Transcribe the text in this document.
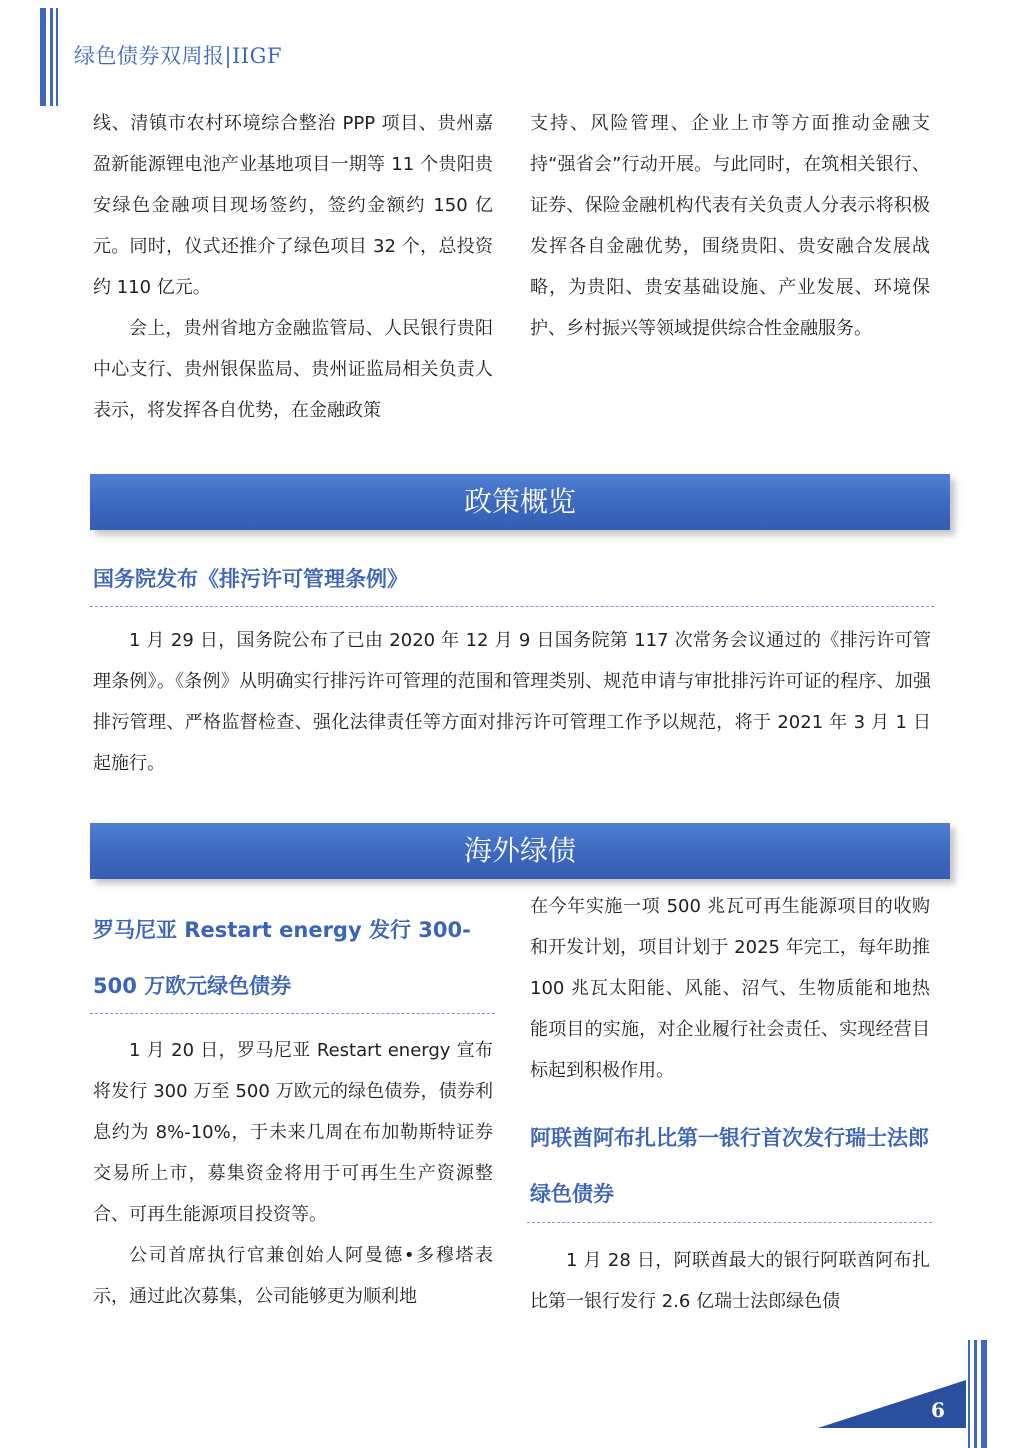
绿色债券双周报|IIGF

线、清镇市农村环境综合整治 PPP 项目、贵州嘉盈新能源锂电池产业基地项目一期等 11 个贵阳贵安绿色金融项目现场签约，签约金额约 150 亿元。同时，仪式还推介了绿色项目 32 个，总投资约 110 亿元。

会上，贵州省地方金融监管局、人民银行贵阳中心支行、贵州银保监局、贵州证监局相关负责人表示，将发挥各自优势，在金融政策

支持、风险管理、企业上市等方面推动金融支持“强省会”行动开展。与此同时，在筑相关银行、证券、保险金融机构代表有关负责人分表示将积极发挥各自金融优势，围绕贵阳、贵安融合发展战略，为贵阳、贵安基础设施、产业发展、环境保护、乡村振兴等领域提供综合性金融服务。

政策概览
国务院发布《排污许可管理条例》

1 月 29 日，国务院公布了已由 2020 年 12 月 9 日国务院第 117 次常务会议通过的《排污许可管理条例》。《条例》从明确实行排污许可管理的范围和管理类别、规范申请与审批排污许可证的程序、加强排污管理、严格监督检查、强化法律责任等方面对排污许可管理工作予以规范，将于 2021 年 3 月 1 日起施行。

海外绿债
罗马尼亚 Restart energy 发行 300-500 万欧元绿色债券

1 月 20 日，罗马尼亚 Restart energy 宣布将发行 300 万至 500 万欧元的绿色债券，债券利息约为 8%-10%，于未来几周在布加勒斯特证券交易所上市，募集资金将用于可再生生产资源整合、可再生能源项目投资等。

公司首席执行官兼创始人阿曼德•多穆塔表示，通过此次募集，公司能够更为顺利地

在今年实施一项 500 兆瓦可再生能源项目的收购和开发计划，项目计划于 2025 年完工，每年助推 100 兆瓦太阳能、风能、沼气、生物质能和地热能项目的实施，对企业履行社会责任、实现经营目标起到积极作用。

阿联酋阿布扎比第一银行首次发行瑞士法郎绿色债券

1 月 28 日，阿联酋最大的银行阿联酋阿布扎比第一银行发行 2.6 亿瑞士法郎绿色债

6
